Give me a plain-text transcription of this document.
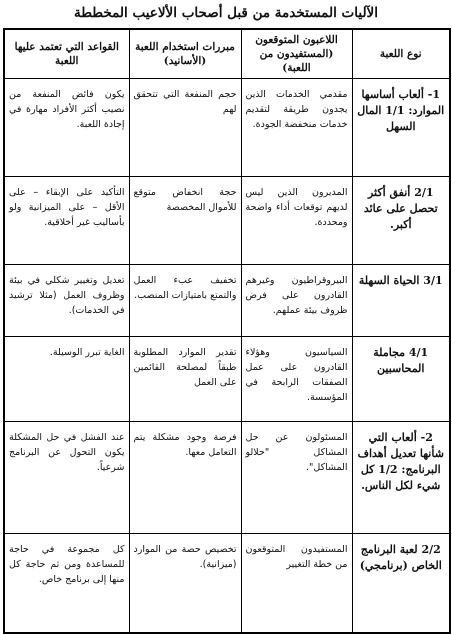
الآليات المستخدمة من قبل أصحاب الألاعيب المخططة
نوع اللعبة	اللاعبون المتوقعون (المستفيدون من اللعبة)	مبررات استخدام اللعبة (الأسانيد)	القواعد التي تعتمد عليها اللعبة
1- ألعاب أساسها الموارد: 1/1 المال السهل	مقدمي الخدمات الذين يجدون طريقة لتقديم خدمات منخفضة الجودة.	حجم المنفعة التي تتحقق لهم	يكون فائض المنفعة من نصيب أكثر الأفراد مهارة في إجادة اللعبة.
2/1 أنفق أكثر تحصل على عائد أكبر.	المديرون الذين ليس لديهم توقعات أداء واضحة ومحددة.	حجة انخفاض متوقع للأموال المخصصة	التأكيد على الإبقاء – على الأقل – على الميزانية ولو بأساليب غير أخلاقية.
3/1 الحياة السهلة	البيروقراطيون وغيرهم القادرون على فرض ظروف بيئة عملهم.	تخفيف عبء العمل والتمتع بامتيازات المنصب.	تعديل وتغيير شكلي في بيئة وظروف العمل (مثلا ترشيد في الخدمات).
4/1 مجاملة المحاسبين	السياسيون وهؤلاء القادرون على عمل الصفقات الرابحة في المؤسسة.	تقدير الموارد المطلوبة طبقاً لمصلحة القائمين على العمل	الغاية تبرر الوسيلة.
2- ألعاب التي شأنها تعديل أهداف البرنامج: 1/2 كل شيء لكل الناس.	المسئولون عن حل المشاكل "حلالو المشاكل".	فرصة وجود مشكلة يتم التعامل معها.	عند الفشل في حل المشكلة يكون التحول عن البرنامج شرعياً.
2/2 لعبة البرنامج الخاص (برنامجي)	المستفيدون المتوقعون من خطة التغيير	تخصيص حصة من الموارد (ميزانية).	كل مجموعة في حاجة للمساعدة ومن ثم حاجة كل منها إلى برنامج خاص.
